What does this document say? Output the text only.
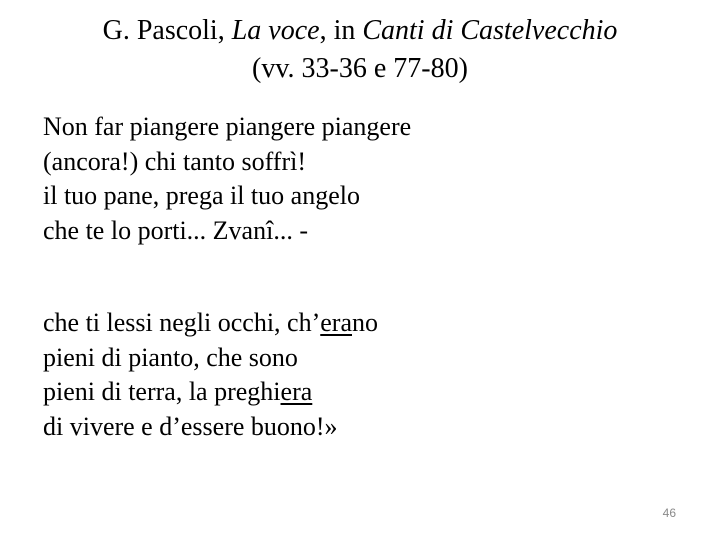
G. Pascoli, La voce, in Canti di Castelvecchio
(vv. 33-36 e 77-80)
Non far piangere piangere piangere
(ancora!) chi tanto soffrì!
il tuo pane, prega il tuo angelo
che te lo porti... Zvanî... -
che ti lessi negli occhi, ch’erano
pieni di pianto, che sono
pieni di terra, la preghiera
di vivere e d’essere buono!»
46
